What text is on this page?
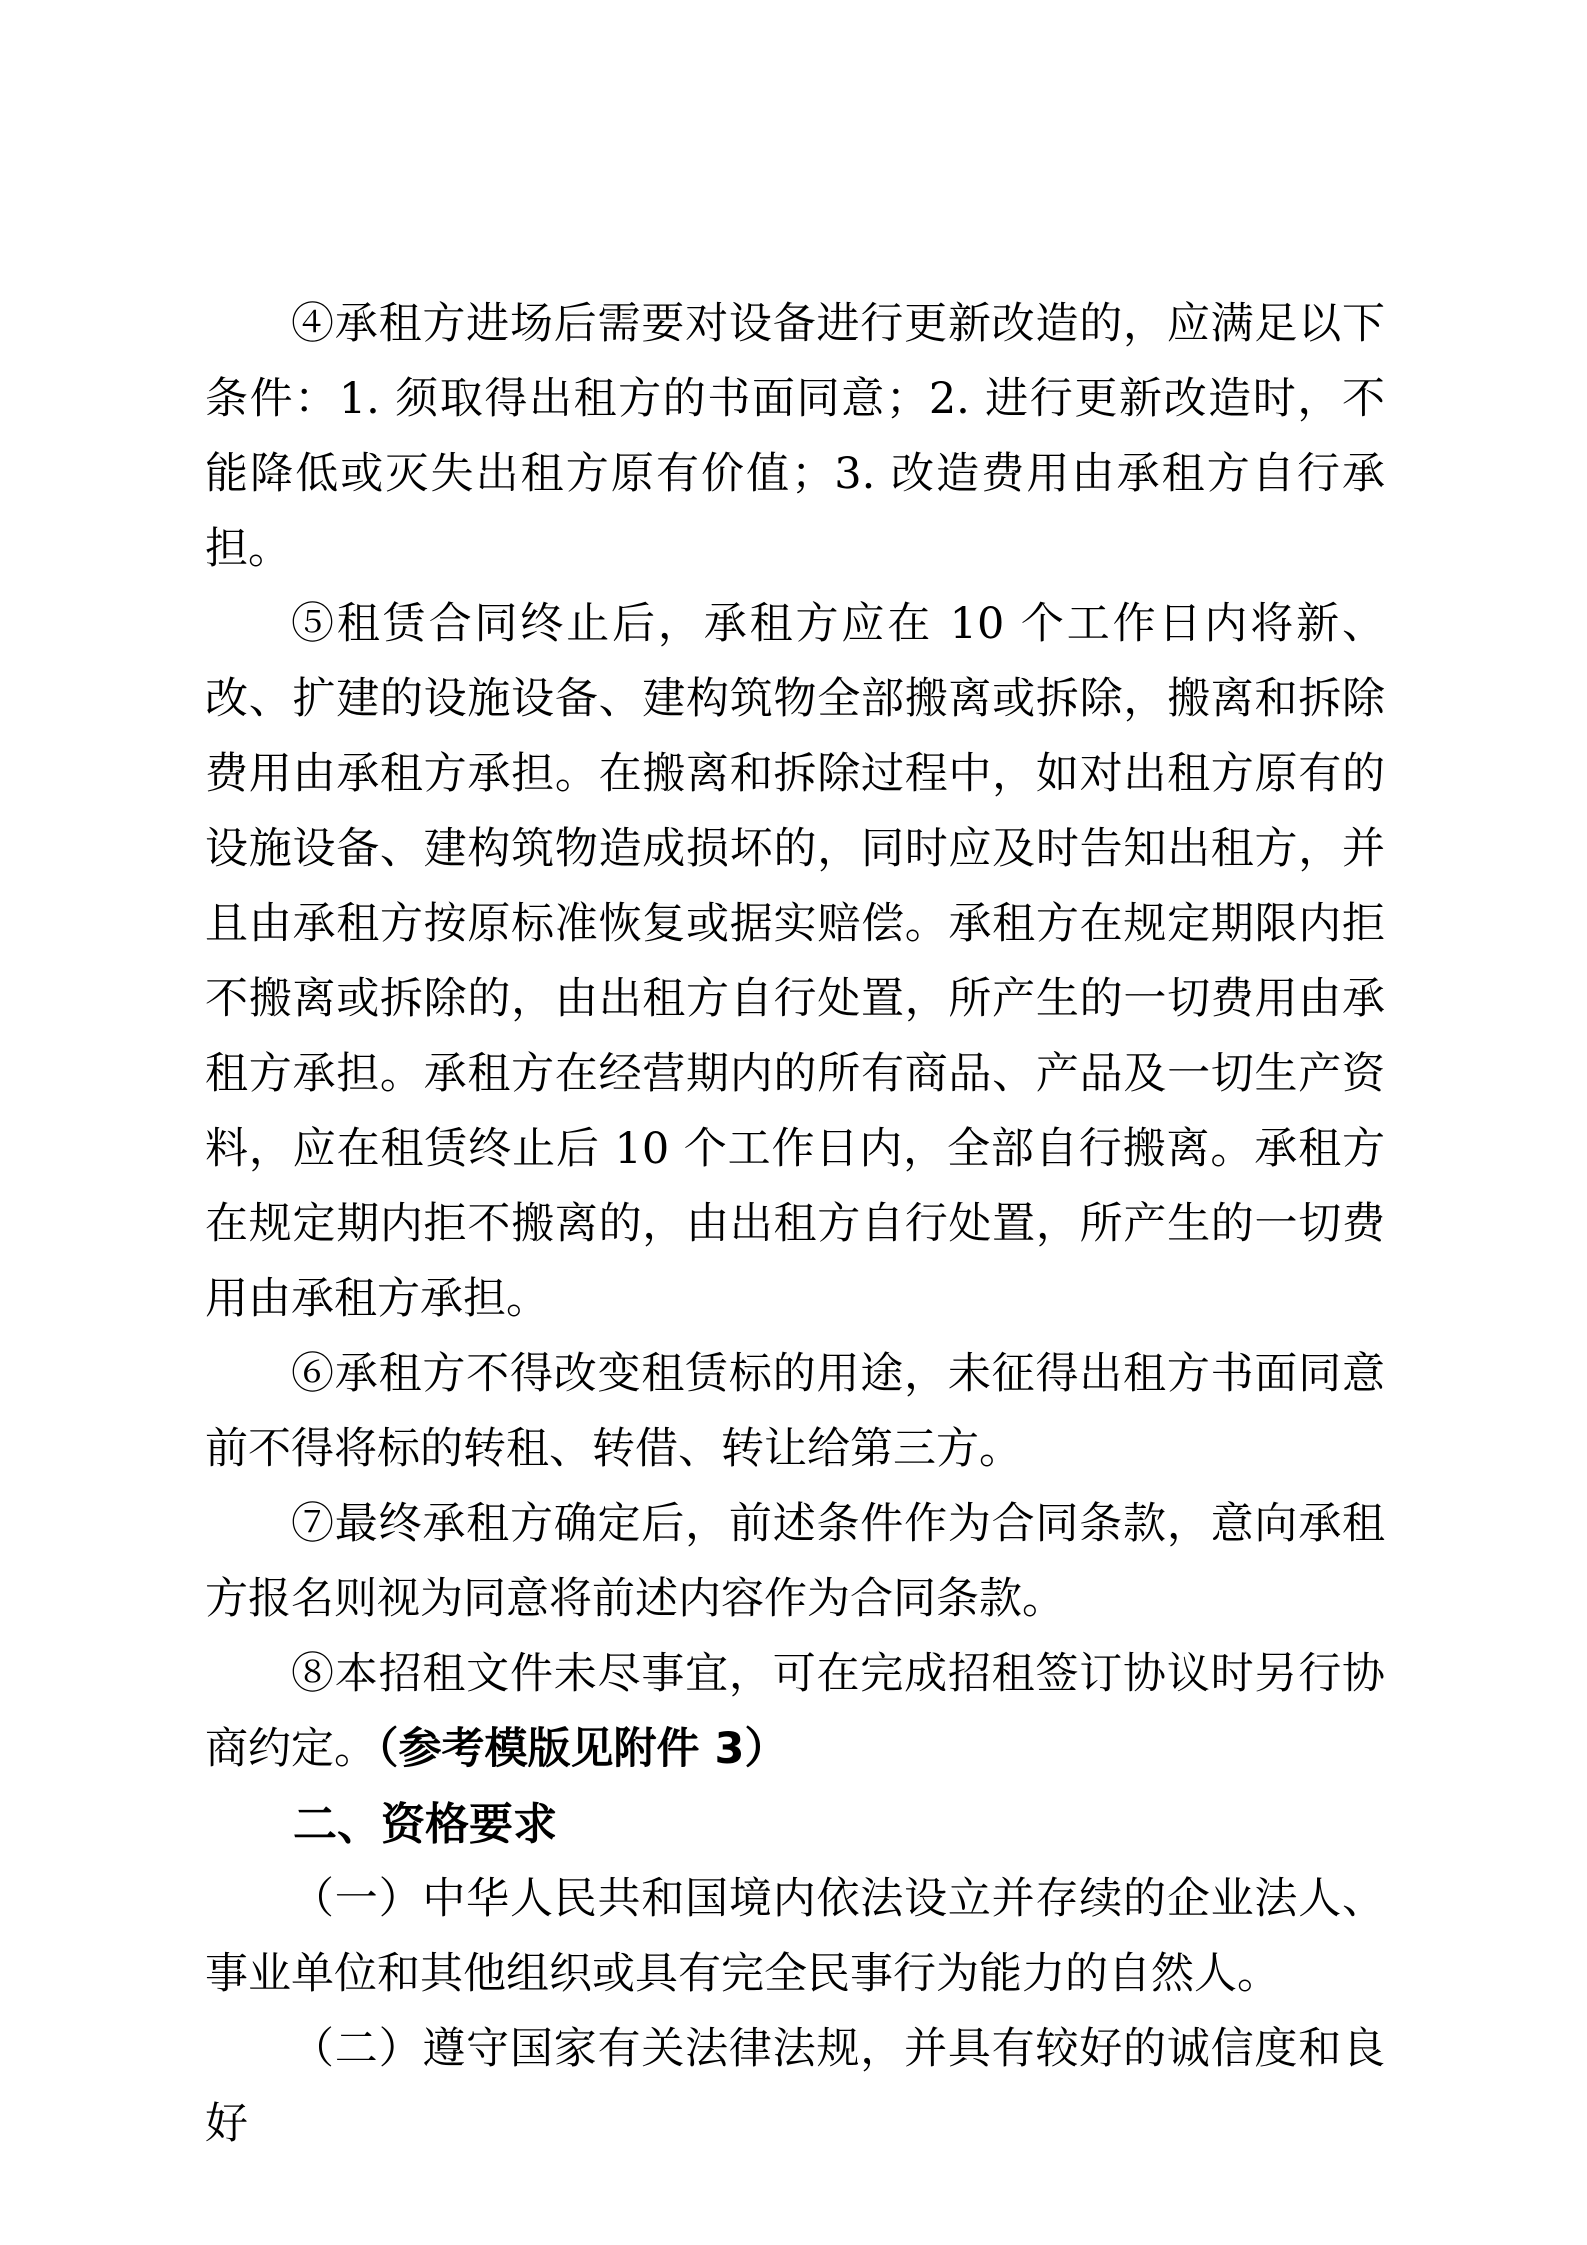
④承租方进场后需要对设备进行更新改造的，应满足以下条件：1. 须取得出租方的书面同意；2. 进行更新改造时，不能降低或灭失出租方原有价值；3. 改造费用由承租方自行承担。

⑤租赁合同终止后，承租方应在 10 个工作日内将新、改、扩建的设施设备、建构筑物全部搬离或拆除，搬离和拆除费用由承租方承担。在搬离和拆除过程中，如对出租方原有的设施设备、建构筑物造成损坏的，同时应及时告知出租方，并且由承租方按原标准恢复或据实赔偿。承租方在规定期限内拒不搬离或拆除的，由出租方自行处置，所产生的一切费用由承租方承担。承租方在经营期内的所有商品、产品及一切生产资料，应在租赁终止后 10 个工作日内，全部自行搬离。承租方在规定期内拒不搬离的，由出租方自行处置，所产生的一切费用由承租方承担。

⑥承租方不得改变租赁标的用途，未征得出租方书面同意前不得将标的转租、转借、转让给第三方。

⑦最终承租方确定后，前述条件作为合同条款，意向承租方报名则视为同意将前述内容作为合同条款。

⑧本招租文件未尽事宜，可在完成招租签订协议时另行协商约定。（参考模版见附件 3）

二、资格要求

（一）中华人民共和国境内依法设立并存续的企业法人、事业单位和其他组织或具有完全民事行为能力的自然人。

（二）遵守国家有关法律法规，并具有较好的诚信度和良好
